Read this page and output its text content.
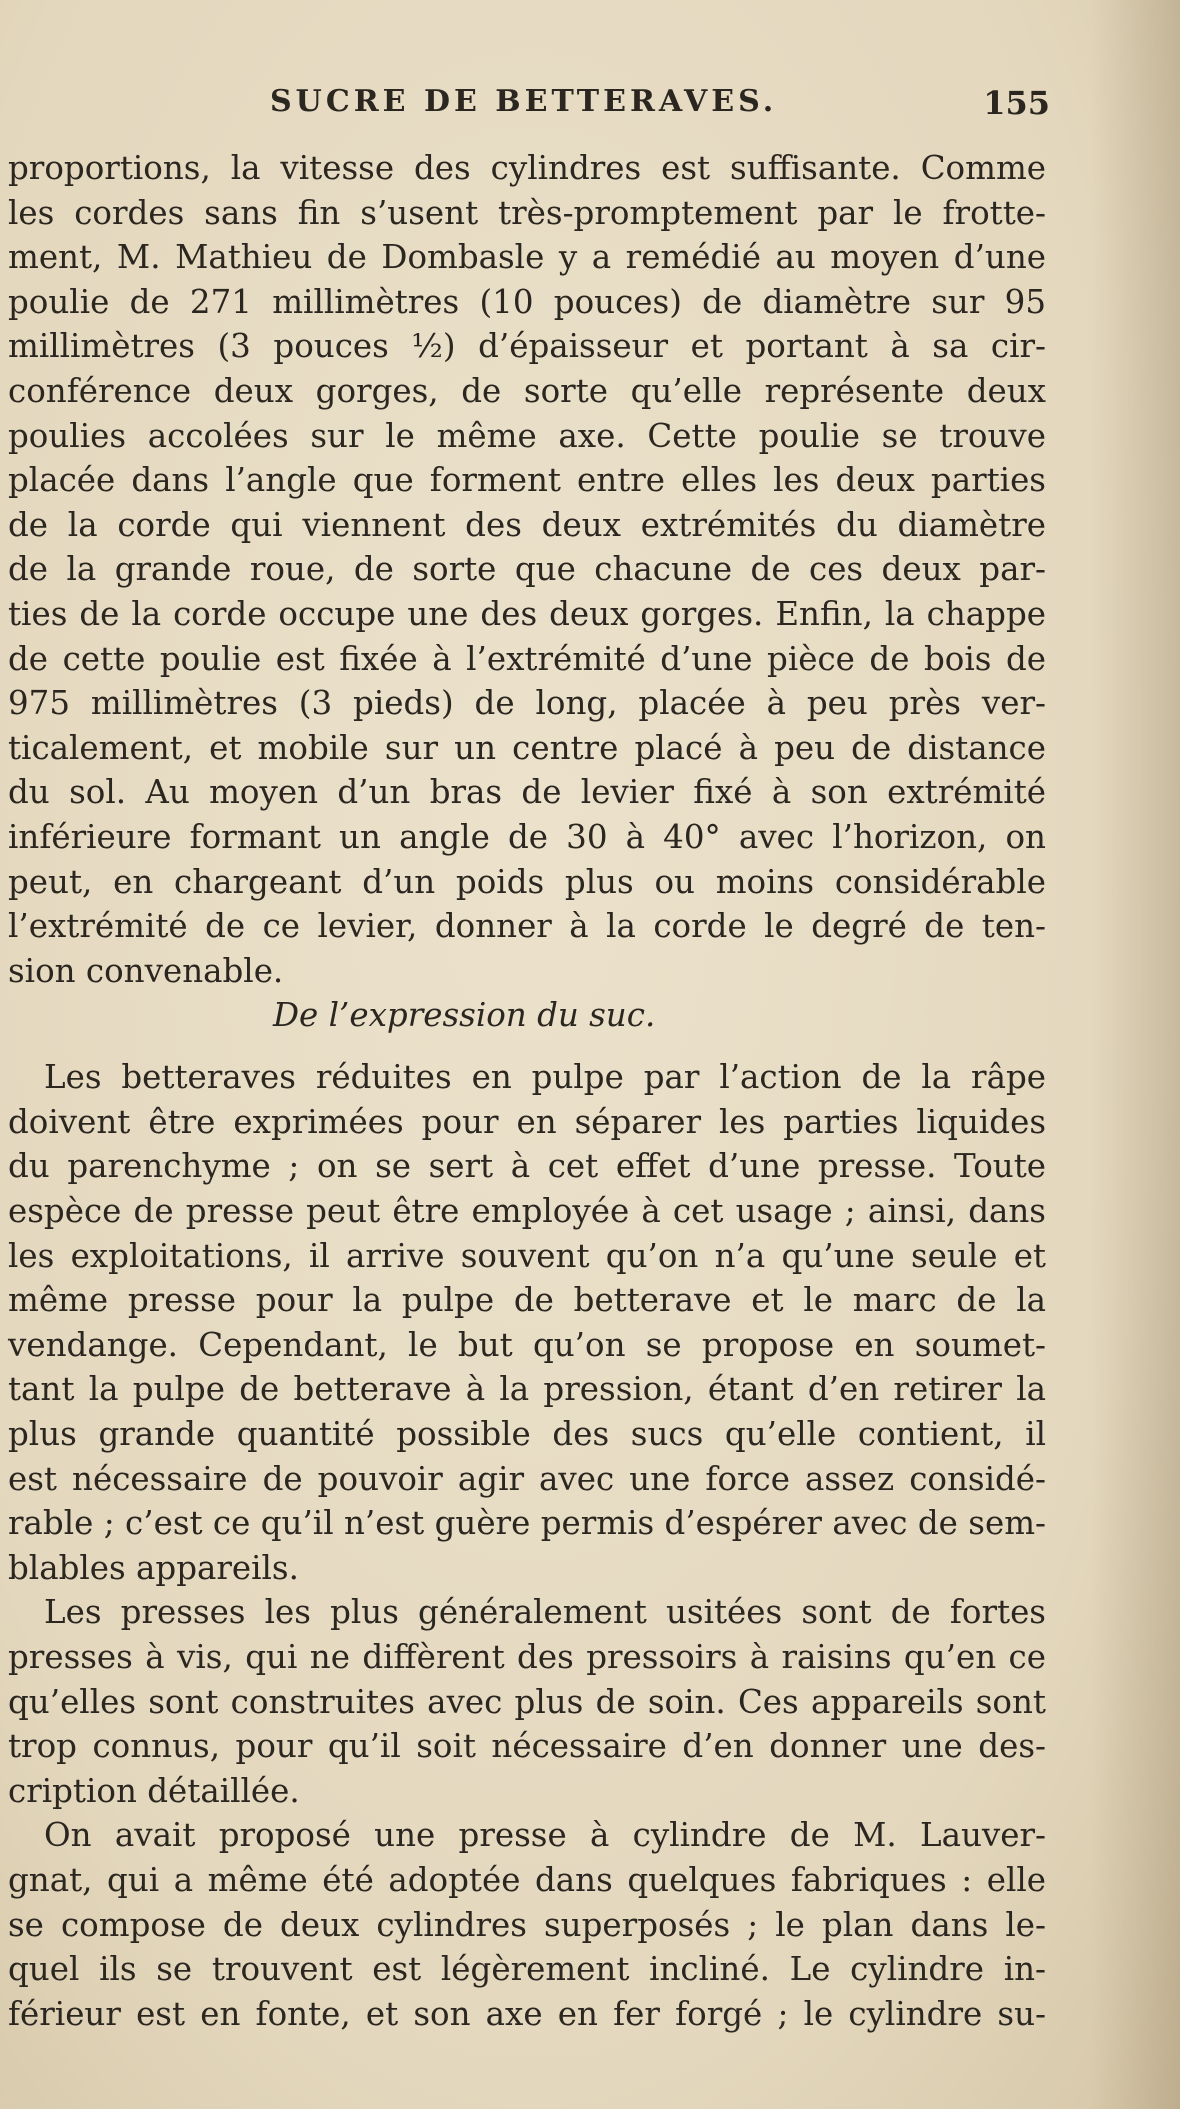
SUCRE DE BETTERAVES.	155
proportions, la vitesse des cylindres est suffisante. Comme
les cordes sans fin s’usent très-promptement par le frotte-
ment, M. Mathieu de Dombasle y a remédié au moyen d’une
poulie de 271 millimètres (10 pouces) de diamètre sur 95
millimètres (3 pouces ½) d’épaisseur et portant à sa cir-
conférence deux gorges, de sorte qu’elle représente deux
poulies accolées sur le même axe. Cette poulie se trouve
placée dans l’angle que forment entre elles les deux parties
de la corde qui viennent des deux extrémités du diamètre
de la grande roue, de sorte que chacune de ces deux par-
ties de la corde occupe une des deux gorges. Enfin, la chappe
de cette poulie est fixée à l’extrémité d’une pièce de bois de
975 millimètres (3 pieds) de long, placée à peu près ver-
ticalement, et mobile sur un centre placé à peu de distance
du sol. Au moyen d’un bras de levier fixé à son extrémité
inférieure formant un angle de 30 à 40° avec l’horizon, on
peut, en chargeant d’un poids plus ou moins considérable
l’extrémité de ce levier, donner à la corde le degré de ten-
sion convenable.
De l’expression du suc.
Les betteraves réduites en pulpe par l’action de la râpe
doivent être exprimées pour en séparer les parties liquides
du parenchyme ; on se sert à cet effet d’une presse. Toute
espèce de presse peut être employée à cet usage ; ainsi, dans
les exploitations, il arrive souvent qu’on n’a qu’une seule et
même presse pour la pulpe de betterave et le marc de la
vendange. Cependant, le but qu’on se propose en soumet-
tant la pulpe de betterave à la pression, étant d’en retirer la
plus grande quantité possible des sucs qu’elle contient, il
est nécessaire de pouvoir agir avec une force assez considé-
rable ; c’est ce qu’il n’est guère permis d’espérer avec de sem-
blables appareils.
Les presses les plus généralement usitées sont de fortes
presses à vis, qui ne diffèrent des pressoirs à raisins qu’en ce
qu’elles sont construites avec plus de soin. Ces appareils sont
trop connus, pour qu’il soit nécessaire d’en donner une des-
cription détaillée.
On avait proposé une presse à cylindre de M. Lauver-
gnat, qui a même été adoptée dans quelques fabriques : elle
se compose de deux cylindres superposés ; le plan dans le-
quel ils se trouvent est légèrement incliné. Le cylindre in-
férieur est en fonte, et son axe en fer forgé ; le cylindre su-
